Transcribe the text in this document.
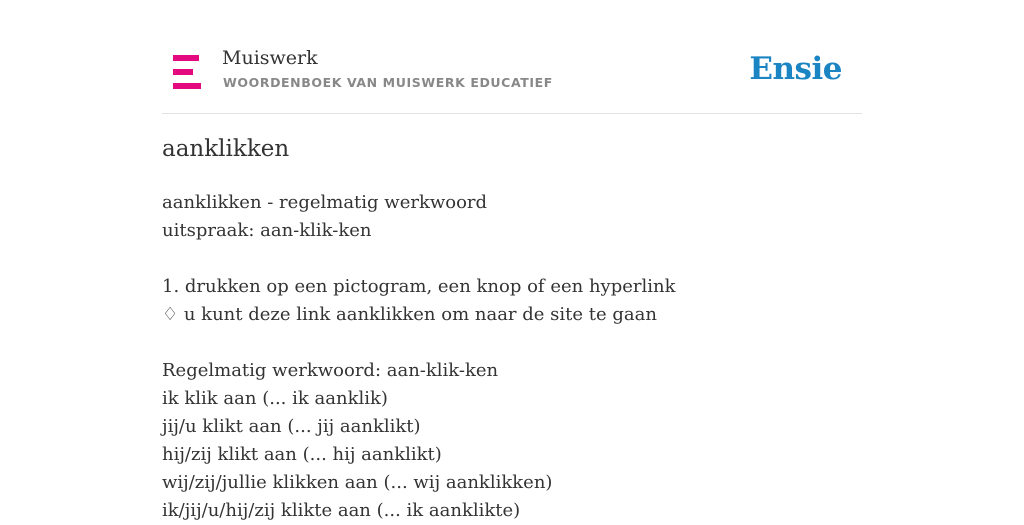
Muiswerk
WOORDENBOEK VAN MUISWERK EDUCATIEF	Ensie
aanklikken
aanklikken - regelmatig werkwoord
uitspraak: aan-klik-ken
1. drukken op een pictogram, een knop of een hyperlink
♢ u kunt deze link aanklikken om naar de site te gaan
Regelmatig werkwoord: aan-klik-ken
ik klik aan (... ik aanklik)
jij/u klikt aan (... jij aanklikt)
hij/zij klikt aan (... hij aanklikt)
wij/zij/jullie klikken aan (... wij aanklikken)
ik/jij/u/hij/zij klikte aan (... ik aanklikte)
